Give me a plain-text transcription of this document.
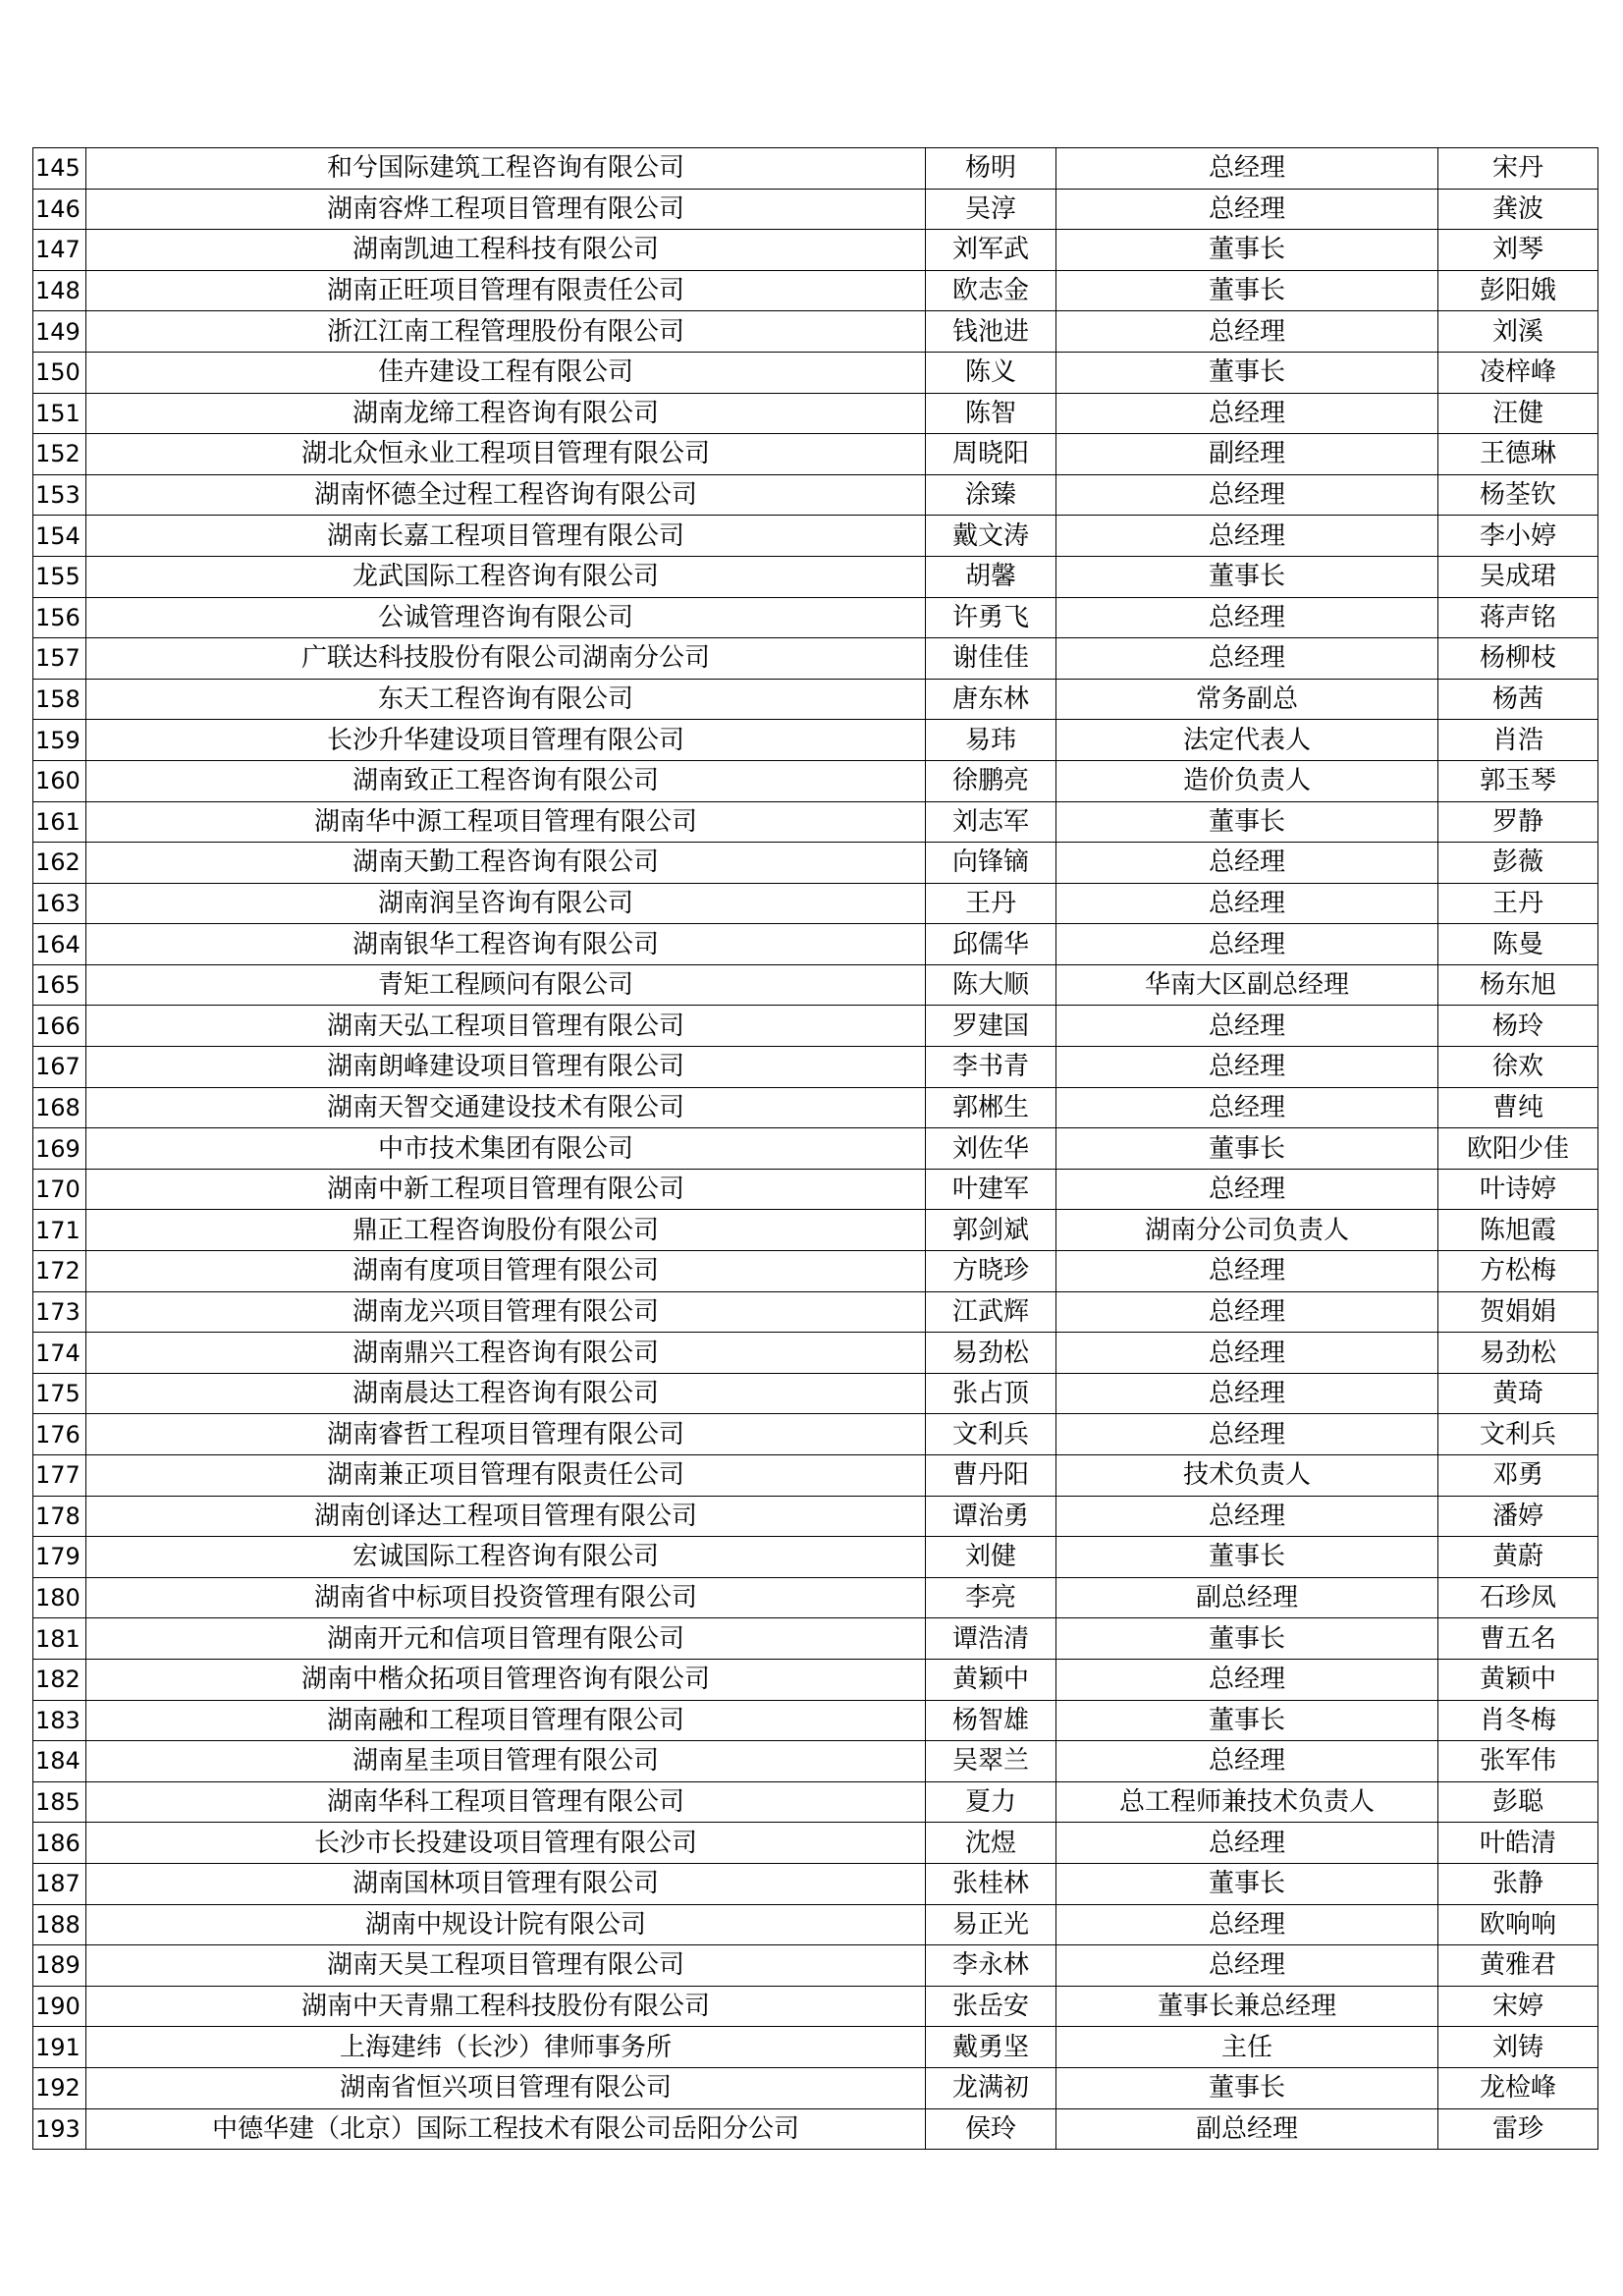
145	和兮国际建筑工程咨询有限公司	杨明	总经理	宋丹
146	湖南容烨工程项目管理有限公司	吴淳	总经理	龚波
147	湖南凯迪工程科技有限公司	刘军武	董事长	刘琴
148	湖南正旺项目管理有限责任公司	欧志金	董事长	彭阳娥
149	浙江江南工程管理股份有限公司	钱池进	总经理	刘溪
150	佳卉建设工程有限公司	陈义	董事长	凌梓峰
151	湖南龙缔工程咨询有限公司	陈智	总经理	汪健
152	湖北众恒永业工程项目管理有限公司	周晓阳	副经理	王德琳
153	湖南怀德全过程工程咨询有限公司	涂臻	总经理	杨荃钦
154	湖南长嘉工程项目管理有限公司	戴文涛	总经理	李小婷
155	龙武国际工程咨询有限公司	胡馨	董事长	吴成珺
156	公诚管理咨询有限公司	许勇飞	总经理	蒋声铭
157	广联达科技股份有限公司湖南分公司	谢佳佳	总经理	杨柳枝
158	东天工程咨询有限公司	唐东林	常务副总	杨茜
159	长沙升华建设项目管理有限公司	易玮	法定代表人	肖浩
160	湖南致正工程咨询有限公司	徐鹏亮	造价负责人	郭玉琴
161	湖南华中源工程项目管理有限公司	刘志军	董事长	罗静
162	湖南天勤工程咨询有限公司	向锋镝	总经理	彭薇
163	湖南润呈咨询有限公司	王丹	总经理	王丹
164	湖南银华工程咨询有限公司	邱儒华	总经理	陈曼
165	青矩工程顾问有限公司	陈大顺	华南大区副总经理	杨东旭
166	湖南天弘工程项目管理有限公司	罗建国	总经理	杨玲
167	湖南朗峰建设项目管理有限公司	李书青	总经理	徐欢
168	湖南天智交通建设技术有限公司	郭郴生	总经理	曹纯
169	中市技术集团有限公司	刘佐华	董事长	欧阳少佳
170	湖南中新工程项目管理有限公司	叶建军	总经理	叶诗婷
171	鼎正工程咨询股份有限公司	郭剑斌	湖南分公司负责人	陈旭霞
172	湖南有度项目管理有限公司	方晓珍	总经理	方松梅
173	湖南龙兴项目管理有限公司	江武辉	总经理	贺娟娟
174	湖南鼎兴工程咨询有限公司	易劲松	总经理	易劲松
175	湖南晨达工程咨询有限公司	张占顶	总经理	黄琦
176	湖南睿哲工程项目管理有限公司	文利兵	总经理	文利兵
177	湖南兼正项目管理有限责任公司	曹丹阳	技术负责人	邓勇
178	湖南创译达工程项目管理有限公司	谭治勇	总经理	潘婷
179	宏诚国际工程咨询有限公司	刘健	董事长	黄蔚
180	湖南省中标项目投资管理有限公司	李亮	副总经理	石珍凤
181	湖南开元和信项目管理有限公司	谭浩清	董事长	曹五名
182	湖南中楷众拓项目管理咨询有限公司	黄颖中	总经理	黄颖中
183	湖南融和工程项目管理有限公司	杨智雄	董事长	肖冬梅
184	湖南星圭项目管理有限公司	吴翠兰	总经理	张军伟
185	湖南华科工程项目管理有限公司	夏力	总工程师兼技术负责人	彭聪
186	长沙市长投建设项目管理有限公司	沈煜	总经理	叶皓清
187	湖南国林项目管理有限公司	张桂林	董事长	张静
188	湖南中规设计院有限公司	易正光	总经理	欧响响
189	湖南天昊工程项目管理有限公司	李永林	总经理	黄雅君
190	湖南中天青鼎工程科技股份有限公司	张岳安	董事长兼总经理	宋婷
191	上海建纬（长沙）律师事务所	戴勇坚	主任	刘铸
192	湖南省恒兴项目管理有限公司	龙满初	董事长	龙检峰
193	中德华建（北京）国际工程技术有限公司岳阳分公司	侯玲	副总经理	雷珍
